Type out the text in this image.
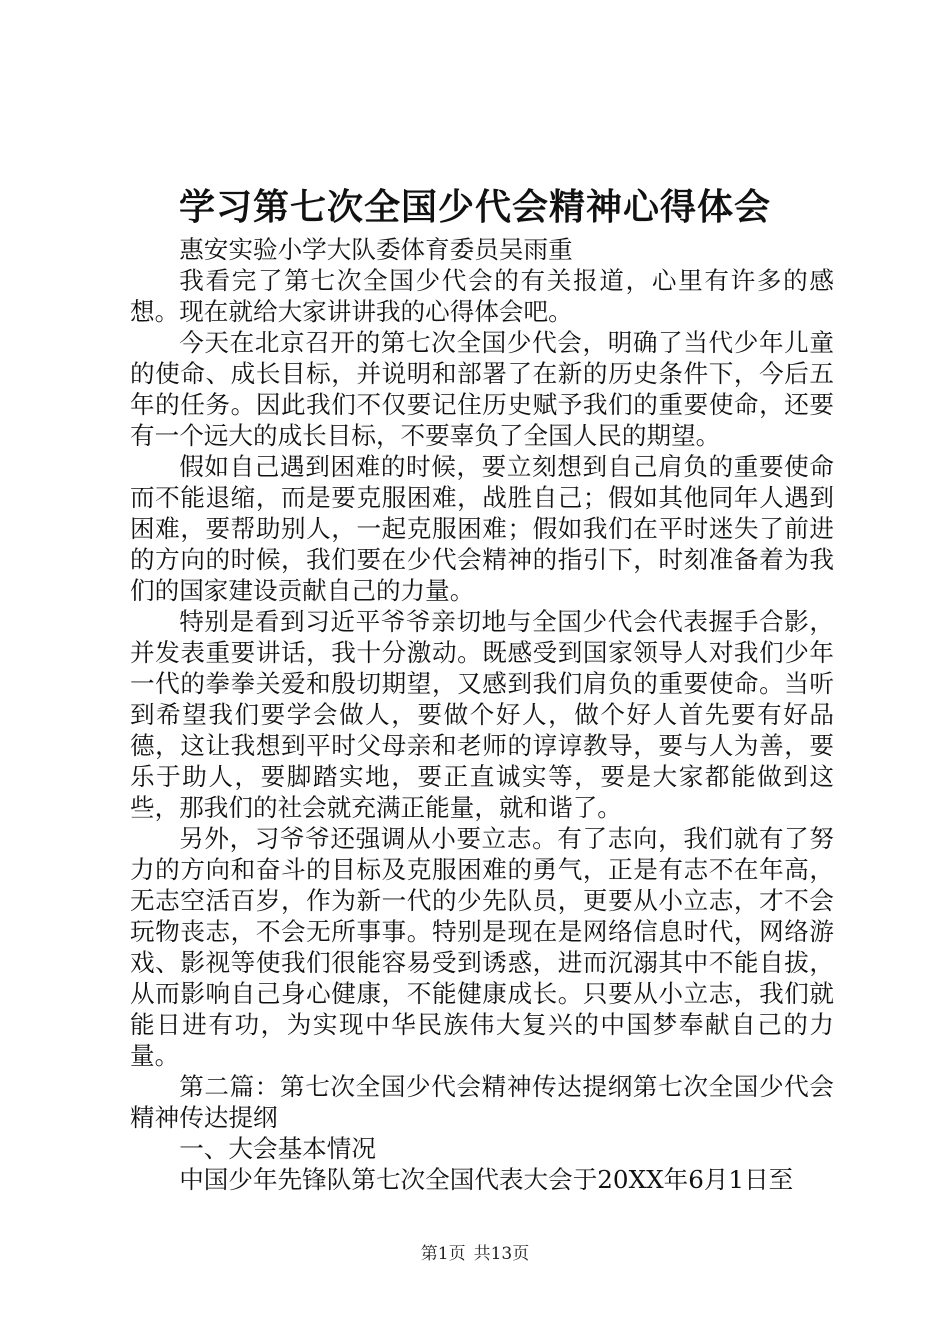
学习第七次全国少代会精神心得体会

惠安实验小学大队委体育委员吴雨重

我看完了第七次全国少代会的有关报道，心里有许多的感想。现在就给大家讲讲我的心得体会吧。

今天在北京召开的第七次全国少代会，明确了当代少年儿童的使命、成长目标，并说明和部署了在新的历史条件下，今后五年的任务。因此我们不仅要记住历史赋予我们的重要使命，还要有一个远大的成长目标，不要辜负了全国人民的期望。

假如自己遇到困难的时候，要立刻想到自己肩负的重要使命而不能退缩，而是要克服困难，战胜自己；假如其他同年人遇到困难，要帮助别人，一起克服困难；假如我们在平时迷失了前进的方向的时候，我们要在少代会精神的指引下，时刻准备着为我们的国家建设贡献自己的力量。

特别是看到习近平爷爷亲切地与全国少代会代表握手合影，并发表重要讲话，我十分激动。既感受到国家领导人对我们少年一代的拳拳关爱和殷切期望，又感到我们肩负的重要使命。当听到希望我们要学会做人，要做个好人，做个好人首先要有好品德，这让我想到平时父母亲和老师的谆谆教导，要与人为善，要乐于助人，要脚踏实地，要正直诚实等，要是大家都能做到这些，那我们的社会就充满正能量，就和谐了。

另外，习爷爷还强调从小要立志。有了志向，我们就有了努力的方向和奋斗的目标及克服困难的勇气，正是有志不在年高，无志空活百岁，作为新一代的少先队员，更要从小立志，才不会玩物丧志，不会无所事事。特别是现在是网络信息时代，网络游戏、影视等使我们很能容易受到诱惑，进而沉溺其中不能自拔，从而影响自己身心健康，不能健康成长。只要从小立志，我们就能日进有功，为实现中华民族伟大复兴的中国梦奉献自己的力量。

第二篇：第七次全国少代会精神传达提纲第七次全国少代会精神传达提纲

一、大会基本情况

中国少年先锋队第七次全国代表大会于20XX年6月1日至

第1页 共13页
